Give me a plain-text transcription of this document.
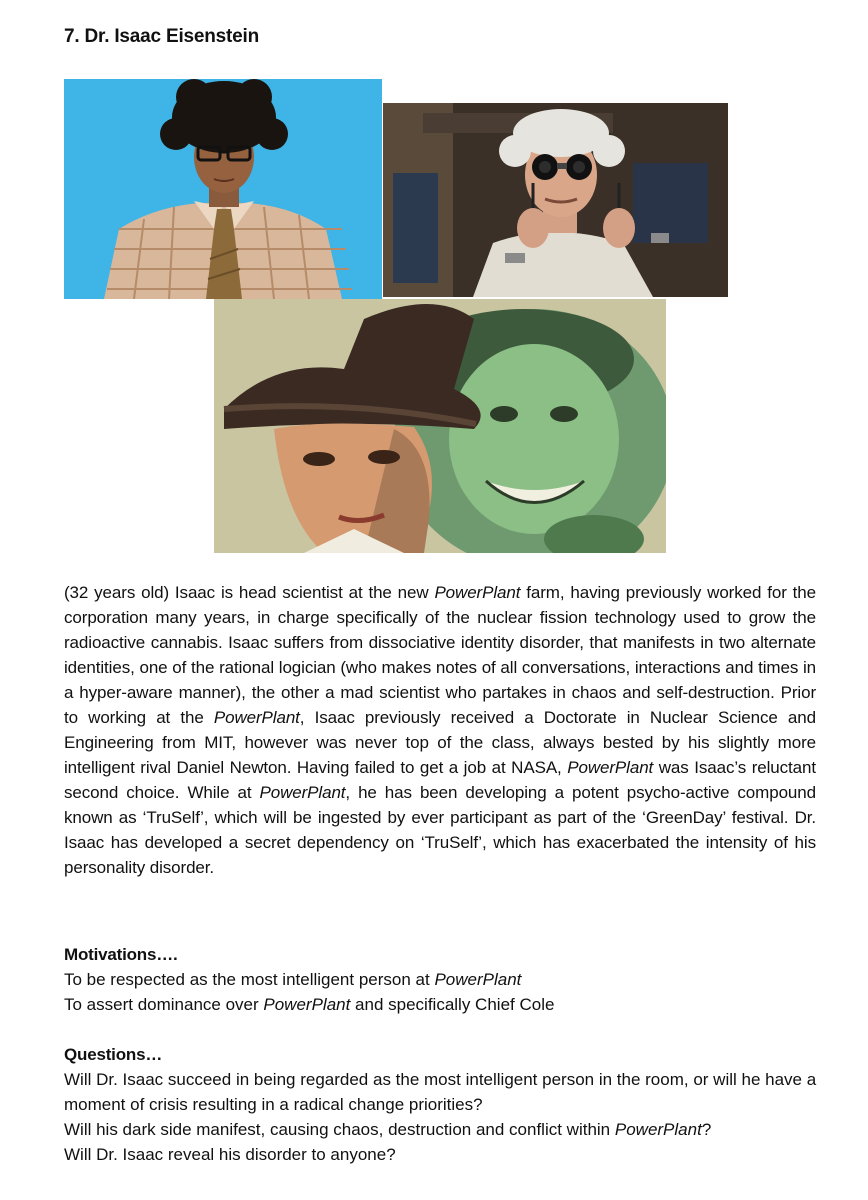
7. Dr. Isaac Eisenstein
(32 years old) Isaac is head scientist at the new PowerPlant farm, having previously worked for the corporation many years, in charge specifically of the nuclear fission technology used to grow the radioactive cannabis. Isaac suffers from dissociative identity disorder, that manifests in two alternate identities, one of the rational logician (who makes notes of all conversations, interactions and times in a hyper-aware manner), the other a mad scientist who partakes in chaos and self-destruction. Prior to working at the PowerPlant, Isaac previously received a Doctorate in Nuclear Science and Engineering from MIT, however was never top of the class, always bested by his slightly more intelligent rival Daniel Newton. Having failed to get a job at NASA, PowerPlant was Isaac’s reluctant second choice. While at PowerPlant, he has been developing a potent psycho-active compound known as ‘TruSelf’, which will be ingested by ever participant as part of the ‘GreenDay’ festival. Dr. Isaac has developed a secret dependency on ‘TruSelf’, which has exacerbated the intensity of his personality disorder.
Motivations….
To be respected as the most intelligent person at PowerPlant
To assert dominance over PowerPlant and specifically Chief Cole
Questions…
Will Dr. Isaac succeed in being regarded as the most intelligent person in the room, or will he have a moment of crisis resulting in a radical change priorities?
Will his dark side manifest, causing chaos, destruction and conflict within PowerPlant?
Will Dr. Isaac reveal his disorder to anyone?
